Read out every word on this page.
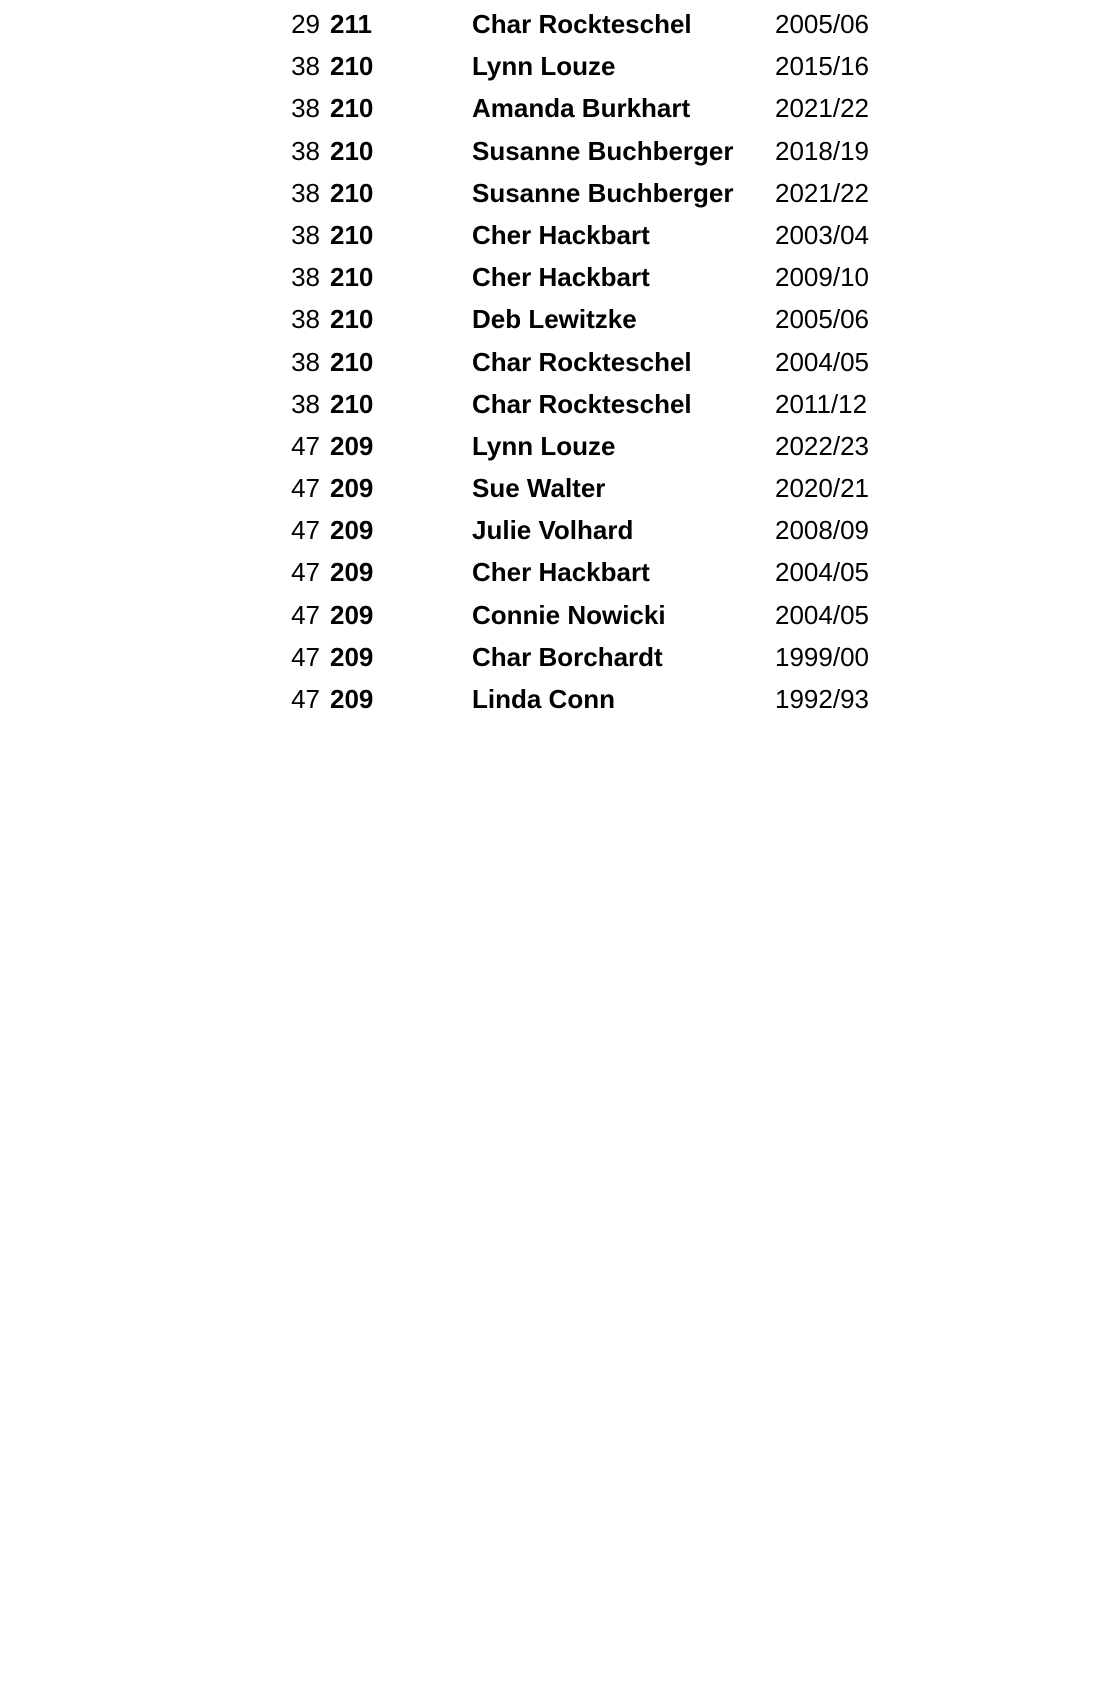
29 211	Char Rockteschel	2005/06
38 210	Lynn Louze	2015/16
38 210	Amanda Burkhart	2021/22
38 210	Susanne Buchberger 2018/19
38 210	Susanne Buchberger 2021/22
38 210	Cher Hackbart	2003/04
38 210	Cher Hackbart	2009/10
38 210	Deb Lewitzke	2005/06
38 210	Char Rockteschel	2004/05
38 210	Char Rockteschel	2011/12
47 209	Lynn Louze	2022/23
47 209	Sue Walter	2020/21
47 209	Julie Volhard	2008/09
47 209	Cher Hackbart	2004/05
47 209	Connie Nowicki	2004/05
47 209	Char Borchardt	1999/00
47 209	Linda Conn	1992/93
